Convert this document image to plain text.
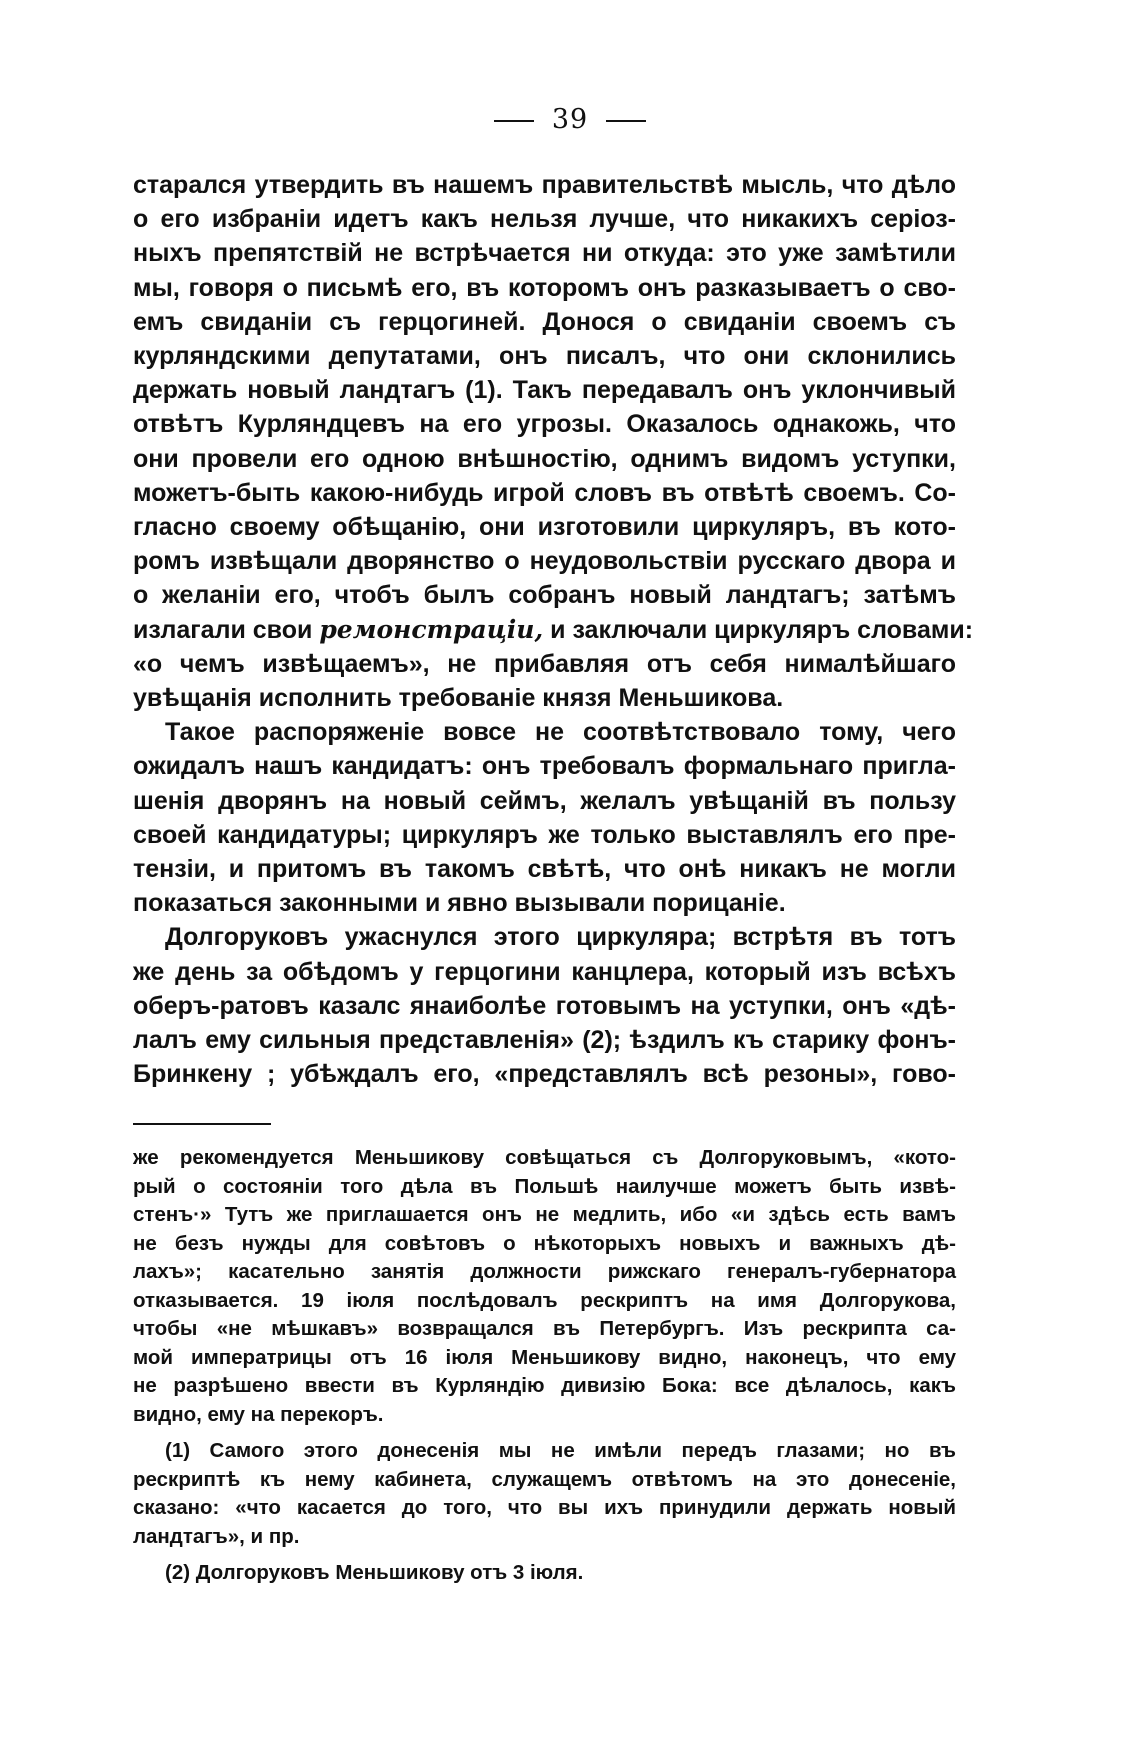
39

старался утвердить въ нашемъ правительствѣ мысль, что дѣло
о его избраніи идетъ какъ нельзя лучше, что никакихъ серіоз-
ныхъ препятствій не встрѣчается ни откуда: это уже замѣтили
мы, говоря о письмѣ его, въ которомъ онъ разказываетъ о сво-
емъ свиданіи съ герцогиней. Донося о свиданіи своемъ съ
курляндскими депутатами, онъ писалъ, что они склонились
держать новый ландтагъ (1). Такъ передавалъ онъ уклончивый
отвѣтъ Курляндцевъ на его угрозы. Оказалось однакожь, что
они провели его одною внѣшностію, однимъ видомъ уступки,
можетъ-быть какою-нибудь игрой словъ въ отвѣтѣ своемъ. Со-
гласно своему обѣщанію, они изготовили циркуляръ, въ кото-
ромъ извѣщали дворянство о неудовольствіи русскаго двора и
о желаніи его, чтобъ былъ собранъ новый ландтагъ; затѣмъ
излагали свои ремонстраціи, и заключали циркуляръ словами:
«о чемъ извѣщаемъ», не прибавляя отъ себя нималѣйшаго
увѣщанія исполнить требованіе князя Меньшикова.

Такое распоряженіе вовсе не соотвѣтствовало тому, чего
ожидалъ нашъ кандидатъ: онъ требовалъ формальнаго пригла-
шенія дворянъ на новый сеймъ, желалъ увѣщаній въ пользу
своей кандидатуры; циркуляръ же только выставлялъ его пре-
тензіи, и притомъ въ такомъ свѣтѣ, что онѣ никакъ не могли
показаться законными и явно вызывали порицаніе.

Долгоруковъ ужаснулся этого циркуляра; встрѣтя въ тотъ
же день за обѣдомъ у герцогини канцлера, который изъ всѣхъ
оберъ-ратовъ казалс янаиболѣе готовымъ на уступки, онъ «дѣ-
лалъ ему сильныя представленія» (2); ѣздилъ къ старику фонъ-
Бринкену ; убѣждалъ его, «представлялъ всѣ резоны», гово-

же рекомендуется Меньшикову совѣщаться съ Долгоруковымъ, «кото-
рый о состояніи того дѣла въ Польшѣ наилучше можетъ быть извѣ-
стенъ·» Тутъ же приглашается онъ не медлить, ибо «и здѣсь есть вамъ
не безъ нужды для совѣтовъ о нѣкоторыхъ новыхъ и важныхъ дѣ-
лахъ»; касательно занятія должности рижскаго генералъ-губернатора
отказывается. 19 іюля послѣдовалъ рескриптъ на имя Долгорукова,
чтобы «не мѣшкавъ» возвращался въ Петербургъ. Изъ рескрипта са-
мой императрицы отъ 16 іюля Меньшикову видно, наконецъ, что ему
не разрѣшено ввести въ Курляндію дивизію Бока: все дѣлалось, какъ
видно, ему на перекоръ.
(1) Самого этого донесенія мы не имѣли передъ глазами; но въ
рескриптѣ къ нему кабинета, служащемъ отвѣтомъ на это донесеніе,
сказано: «что касается до того, что вы ихъ принудили держать новый
ландтагъ», и пр.
(2) Долгоруковъ Меньшикову отъ 3 іюля.
